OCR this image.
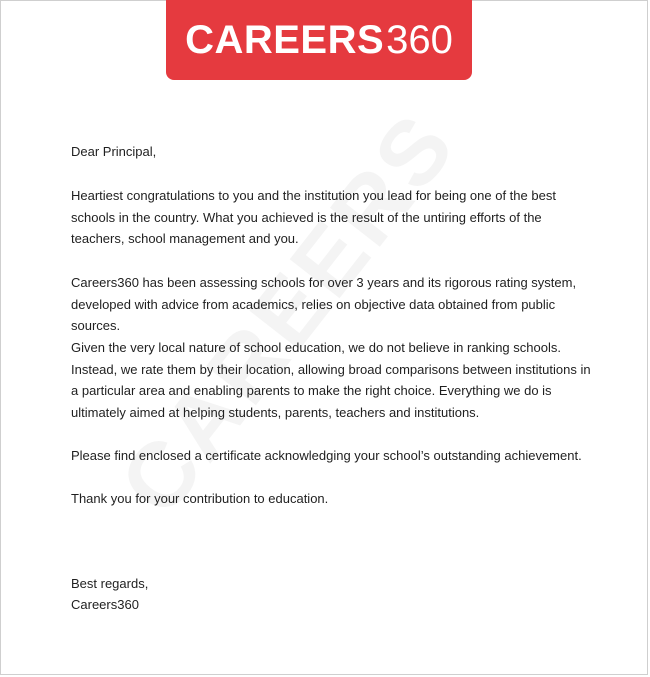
CAREERS 360

Dear Principal,

Heartiest congratulations to you and the institution you lead for being one of the best schools in the country. What you achieved is the result of the untiring efforts of the teachers, school management and you.

Careers360 has been assessing schools for over 3 years and its rigorous rating system, developed with advice from academics, relies on objective data obtained from public sources.

Given the very local nature of school education, we do not believe in ranking schools. Instead, we rate them by their location, allowing broad comparisons between institutions in a particular area and enabling parents to make the right choice. Everything we do is ultimately aimed at helping students, parents, teachers and institutions.

Please find enclosed a certificate acknowledging your school’s outstanding achievement.

Thank you for your contribution to education.

Best regards,

Careers360
